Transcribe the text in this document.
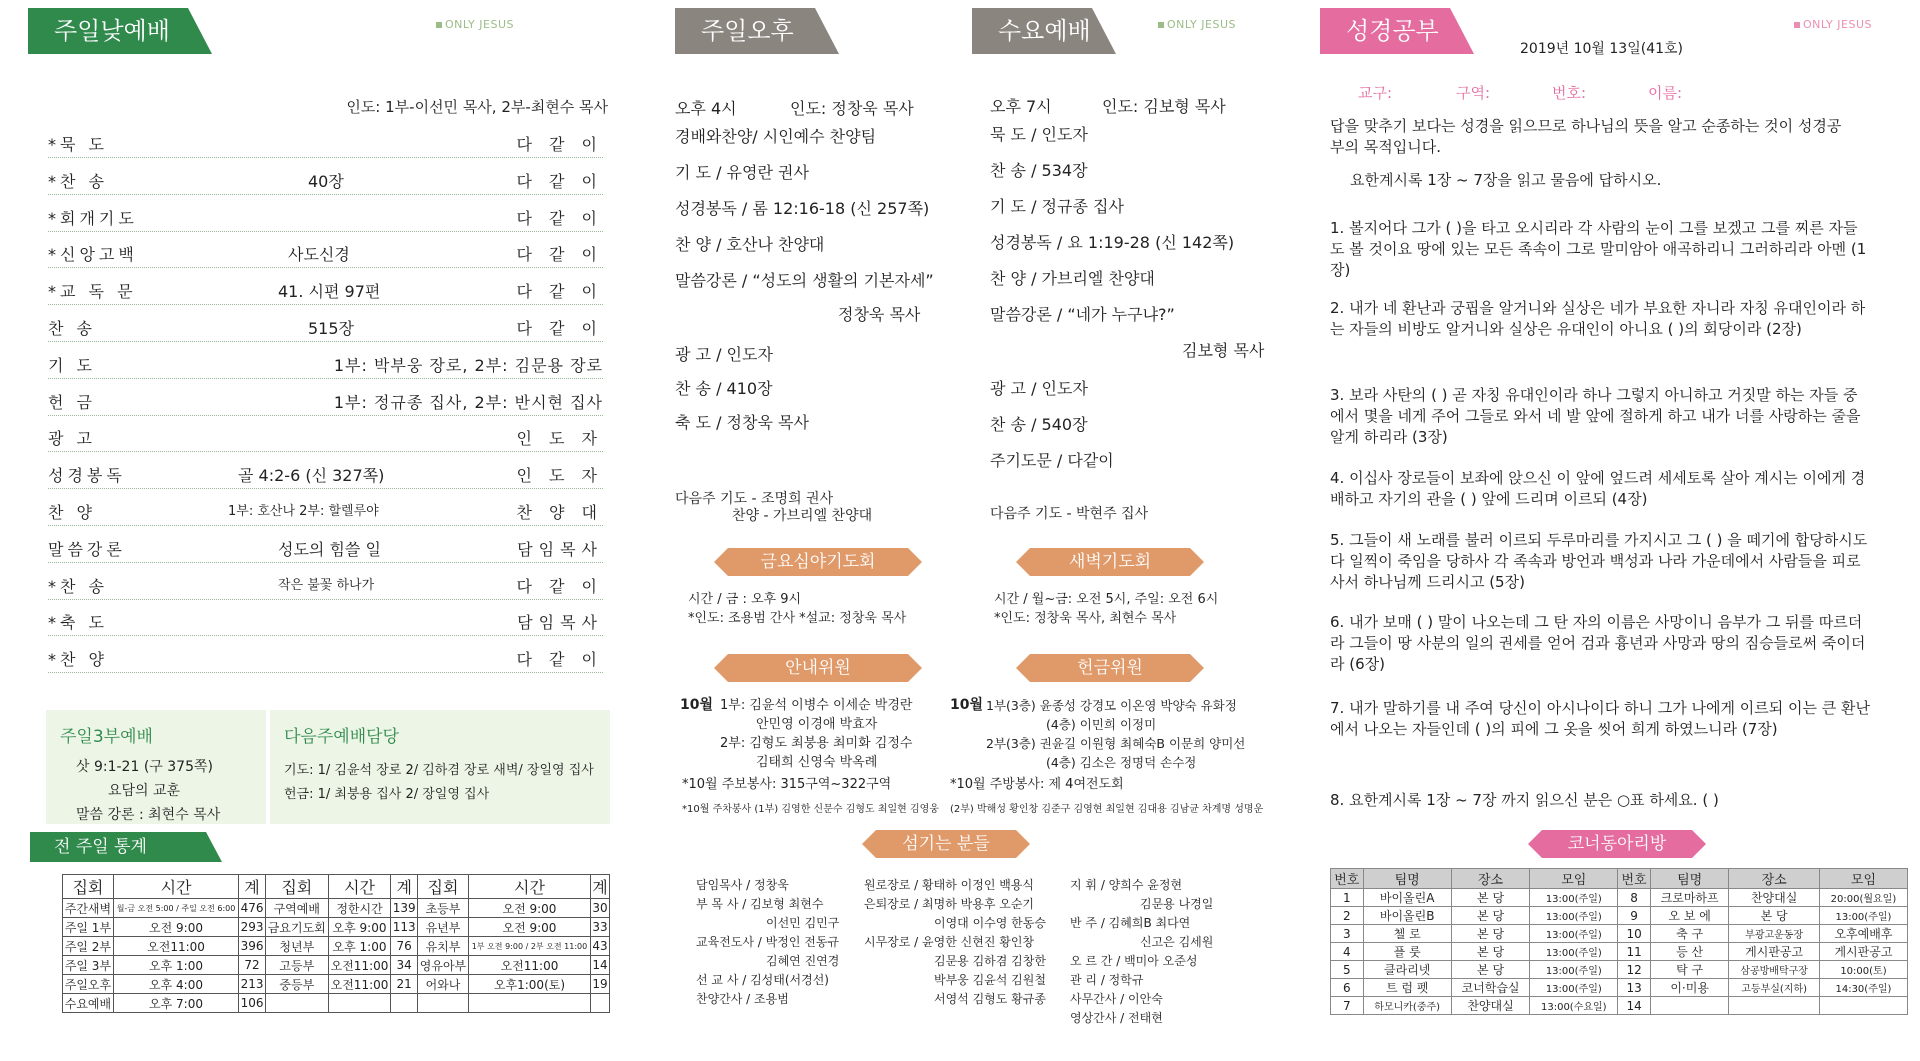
주일낮예배	ONLY JESUS
인도: 1부-이선민 목사, 2부-최현수 목사
*묵 도	다 같 이
*찬 송	40장	다 같 이
*회개기도	다 같 이
*신앙고백	사도신경	다 같 이
*교 독 문	41. 시편 97편	다 같 이
찬 송	515장	다 같 이
기 도	1부: 박부웅 장로, 2부: 김문용 장로
헌 금	1부: 정규종 집사, 2부: 반시현 집사
광 고	인 도 자
성경봉독	골 4:2-6 (신 327쪽)	인 도 자
찬 양	1부: 호산나 2부: 할렐루야	찬 양 대
말씀강론	성도의 힘쓸 일	담임목사
*찬 송	작은 불꽃 하나가	다 같 이
*축 도	담임목사
*찬 양	다 같 이

주일3부예배

삿 9:1-21 (구 375쪽)
요담의 교훈
말씀 강론 : 최현수 목사

다음주예배담당

기도: 1/ 김윤석 장로 2/ 김하겸 장로 새벽/ 장일영 집사
헌금: 1/ 최붕용 집사 2/ 장일영 집사
전 주일 통계
집회	시간	계	집회	시간	계	집회	시간	계
주간새벽	월-금 오전 5:00 / 주일 오전 6:00	476	구역예배	정한시간	139	초등부	오전 9:00	30
주일 1부	오전 9:00	293	금요기도회	오후 9:00	113	유년부	오전 9:00	33
주일 2부	오전11:00	396	청년부	오후 1:00	76	유치부	1부 오전 9:00 / 2부 오전 11:00	43
주일 3부	오후 1:00	72	고등부	오전11:00	34	영유아부	오전11:00	14
주일오후	오후 4:00	213	중등부	오전11:00	21	어와나	오후1:00(토)	19
수요예배	오후 7:00	106						
주일오후예배
오후 4시	인도: 정창욱 목사
경배와찬양/ 시인예수 찬양팀
기 도 / 유영란 권사
성경봉독 / 롬 12:16-18 (신 257쪽)
찬 양 / 호산나 찬양대
말씀강론 / “성도의 생활의 기본자세”
정창욱 목사
광 고 / 인도자
찬 송 / 410장
축 도 / 정창욱 목사
다음주 기도 - 조명희 권사
찬양 - 가브리엘 찬양대
금요심야기도회
시간 / 금 : 오후 9시
*인도: 조용범 간사 *설교: 정창욱 목사
안내위원
10월 1부: 김윤석 이병수 이세순 박경란
안민영 이경애 박효자
2부: 김형도 최붕용 최미화 김정수
김태희 신영숙 박옥례
*10월 주보봉사: 315구역~322구역
*10월 주차봉사 (1부) 김영한 신문수 김형도 최일현 김영웅
섬기는 분들
담임목사 / 정창욱
부 목 사 / 김보형 최현수
이선민 김민구
교육전도사 / 박정인 전동규
김혜연 진연경
선 교 사 / 김성태(서경선)
찬양간사 / 조용범
원로장로 / 황태하 이정인 백용식
은퇴장로 / 최명하 박용후 오순기
이영대 이수영 한동승
시무장로 / 윤영한 신현진 황인창
김문용 김하겸 김창한
박부웅 김윤석 김원철
서영석 김형도 황규종
수요예배	ONLY JESUS
오후 7시	인도: 김보형 목사
묵 도 / 인도자
찬 송 / 534장
기 도 / 정규종 집사
성경봉독 / 요 1:19-28 (신 142쪽)
찬 양 / 가브리엘 찬양대
말씀강론 / “네가 누구냐?”
김보형 목사
광 고 / 인도자
찬 송 / 540장
주기도문 / 다같이
다음주 기도 - 박현주 집사
새벽기도회
시간 / 월~금: 오전 5시, 주일: 오전 6시
*인도: 정창욱 목사, 최현수 목사
헌금위원
10월 1부(3층) 윤종성 강경모 이온영 박양숙 유화정
(4층) 이민희 이정미
2부(3층) 권윤길 이원형 최혜숙B 이문희 양미선
(4층) 김소은 정명덕 손수정
*10월 주방봉사: 제 4여전도회
(2부) 박해성 황인창 김준구 김영현 최일현 김대용 김남균 차계명 성명운
지 휘 / 양희수 윤정현
김문용 나경일
반 주 / 김혜희B 최다연
신고은 김세원
오 르 간 / 백미아 오준성
관 리 / 정학규
사무간사 / 이안숙
영상간사 / 전태현
성경공부
2019년 10월 13일(41호)
ONLY JESUS
교구:	구역:	번호:	이름:
답을 맞추기 보다는 성경을 읽으므로 하나님의 뜻을 알고 순종하는 것이 성경공부의 목적입니다.
요한계시록 1장 ~ 7장을 읽고 물음에 답하시오.
1. 볼지어다 그가 ( )을 타고 오시리라 각 사람의 눈이 그를 보겠고 그를 찌른 자들도 볼 것이요 땅에 있는 모든 족속이 그로 말미암아 애곡하리니 그러하리라 아멘 (1장)
2. 내가 네 환난과 궁핍을 알거니와 실상은 네가 부요한 자니라 자칭 유대인이라 하는 자들의 비방도 알거니와 실상은 유대인이 아니요 ( )의 회당이라 (2장)
3. 보라 사탄의 ( ) 곧 자칭 유대인이라 하나 그렇지 아니하고 거짓말 하는 자들 중에서 몇을 네게 주어 그들로 와서 네 발 앞에 절하게 하고 내가 너를 사랑하는 줄을 알게 하리라 (3장)
4. 이십사 장로들이 보좌에 앉으신 이 앞에 엎드려 세세토록 살아 계시는 이에게 경배하고 자기의 관을 ( ) 앞에 드리며 이르되 (4장)
5. 그들이 새 노래를 불러 이르되 두루마리를 가지시고 그 ( ) 을 떼기에 합당하시도다 일찍이 죽임을 당하사 각 족속과 방언과 백성과 나라 가운데에서 사람들을 피로 사서 하나님께 드리시고 (5장)
6. 내가 보매 ( ) 말이 나오는데 그 탄 자의 이름은 사망이니 음부가 그 뒤를 따르더라 그들이 땅 사분의 일의 권세를 얻어 검과 흉년과 사망과 땅의 짐승들로써 죽이더라 (6장)
7. 내가 말하기를 내 주여 당신이 아시나이다 하니 그가 나에게 이르되 이는 큰 환난에서 나오는 자들인데 ( )의 피에 그 옷을 씻어 희게 하였느니라 (7장)
8. 요한계시록 1장 ~ 7장 까지 읽으신 분은 ○표 하세요. ( )
코너동아리방
번호	팀명	장소	모임	번호	팀명	장소	모임
1	바이올린A	본 당	13:00(주일)	8	크로마하프	찬양대실	20:00(월요일)
2	바이올린B	본 당	13:00(주일)	9	오 보 에	본 당	13:00(주일)
3	첼 로	본 당	13:00(주일)	10	축 구	부광고운동장	오후예배후
4	플 룻	본 당	13:00(주일)	11	등 산	게시판공고	게시판공고
5	클라리넷	본 당	13:00(주일)	12	탁 구	삼공방배탁구장	10:00(토)
6	트 럼 펫	코너학습실	13:00(주일)	13	이·미용	고등부실(지하)	14:30(주일)
7	하모니카(중주)	찬양대실	13:00(수요일)	14			
